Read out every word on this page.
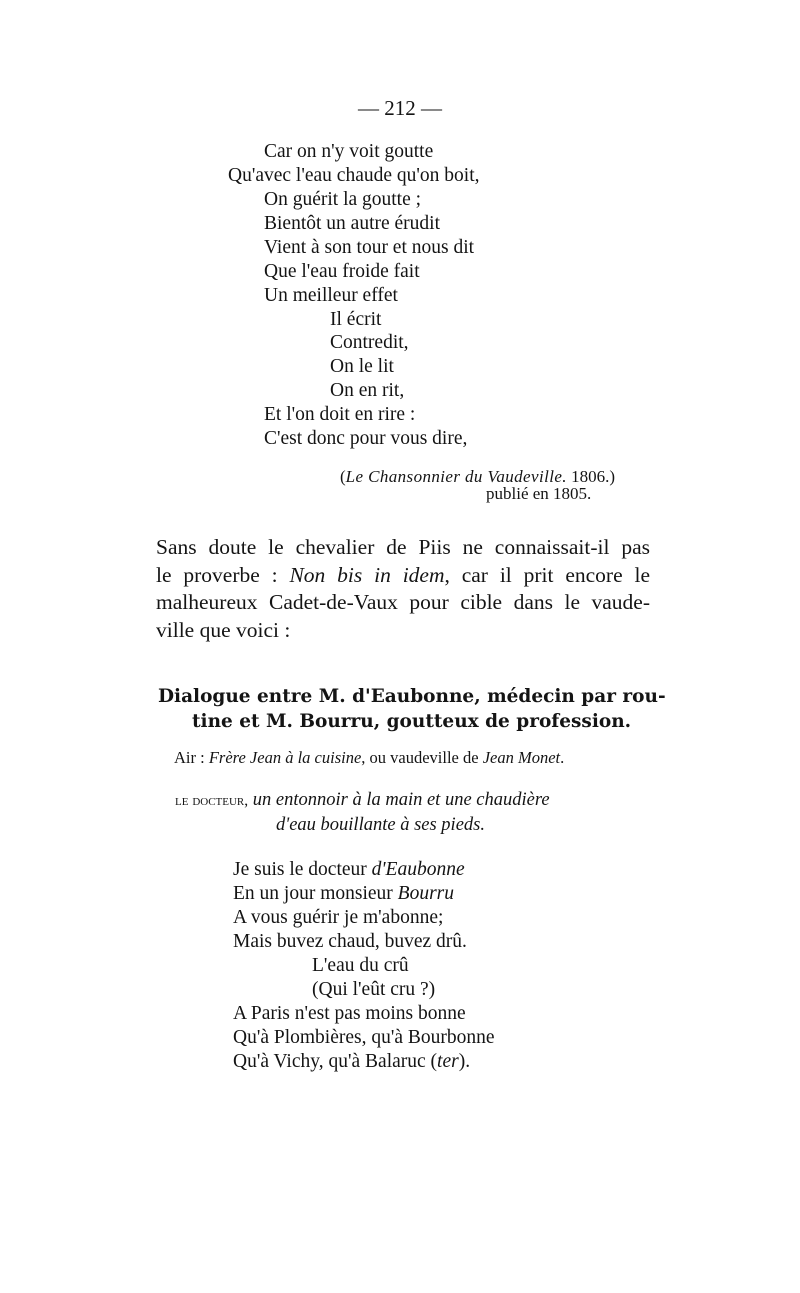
— 212 —
Car on n'y voit goutte
Qu'avec l'eau chaude qu'on boit,
On guérit la goutte ;
Bientôt un autre érudit
Vient à son tour et nous dit
Que l'eau froide fait
Un meilleur effet
Il écrit
Contredit,
On le lit
On en rit,
Et l'on doit en rire :
C'est donc pour vous dire,
(Le Chansonnier du Vaudeville. 1806.)
publié en 1805.
Sans doute le chevalier de Piis ne connaissait-il pas
le proverbe : Non bis in idem, car il prit encore le
malheureux Cadet-de-Vaux pour cible dans le vaude-
ville que voici :
Dialogue entre M. d'Eaubonne, médecin par rou-
tine et M. Bourru, goutteux de profession.
Air : Frère Jean à la cuisine, ou vaudeville de Jean Monet.
le docteur, un entonnoir à la main et une chaudière
d'eau bouillante à ses pieds.
Je suis le docteur d'Eaubonne
En un jour monsieur Bourru
A vous guérir je m'abonne;
Mais buvez chaud, buvez drû.
L'eau du crû
(Qui l'eût cru ?)
A Paris n'est pas moins bonne
Qu'à Plombières, qu'à Bourbonne
Qu'à Vichy, qu'à Balaruc (ter).
